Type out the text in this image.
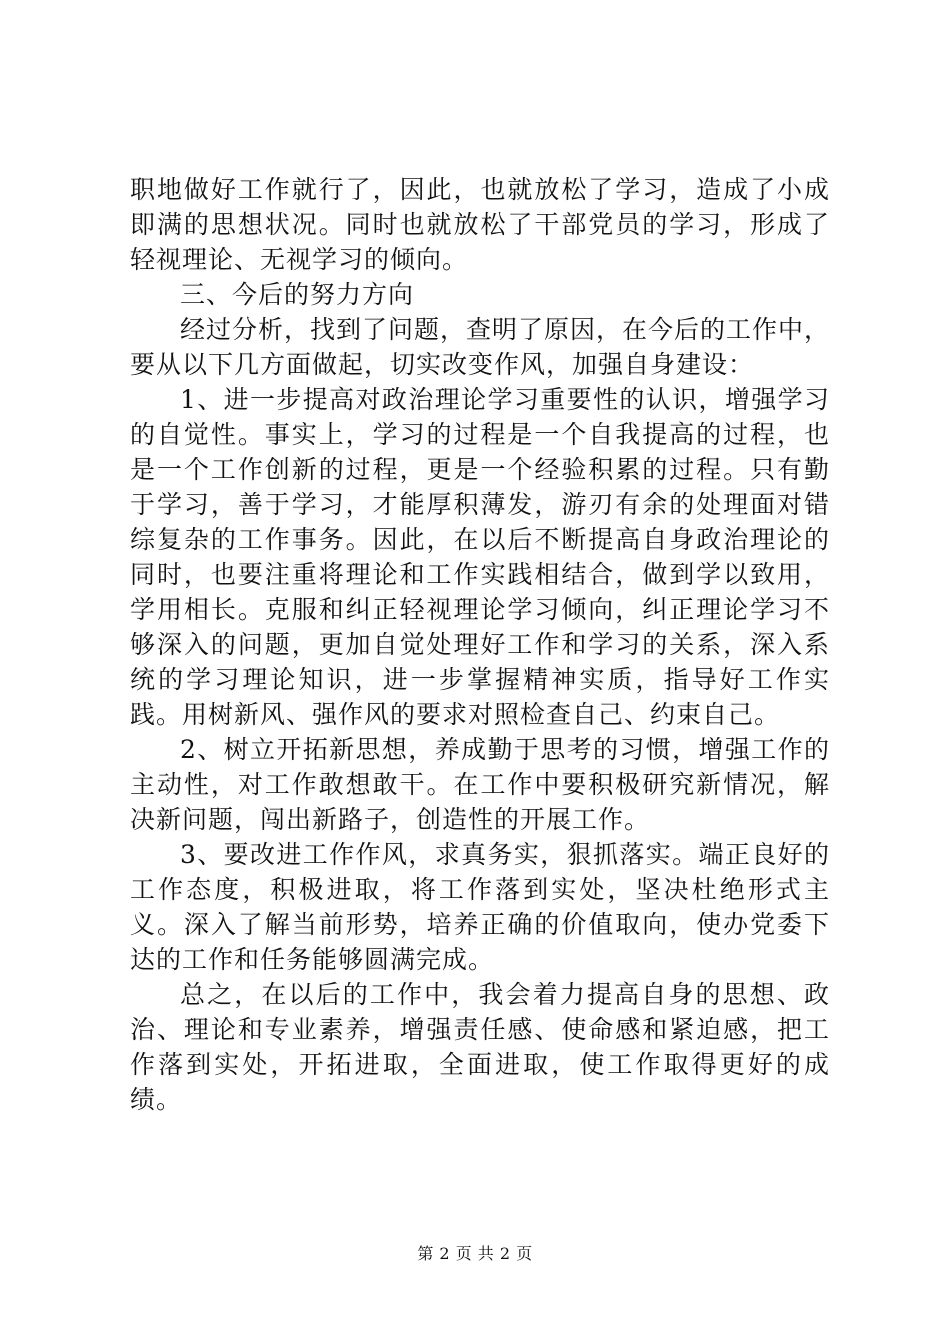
职地做好工作就行了，因此，也就放松了学习，造成了小成即满的思想状况。同时也就放松了干部党员的学习，形成了轻视理论、无视学习的倾向。

三、今后的努力方向

经过分析，找到了问题，查明了原因，在今后的工作中，要从以下几方面做起，切实改变作风，加强自身建设：

1、进一步提高对政治理论学习重要性的认识，增强学习的自觉性。事实上，学习的过程是一个自我提高的过程，也是一个工作创新的过程，更是一个经验积累的过程。只有勤于学习，善于学习，才能厚积薄发，游刃有余的处理面对错综复杂的工作事务。因此，在以后不断提高自身政治理论的同时，也要注重将理论和工作实践相结合，做到学以致用，学用相长。克服和纠正轻视理论学习倾向，纠正理论学习不够深入的问题，更加自觉处理好工作和学习的关系，深入系统的学习理论知识，进一步掌握精神实质，指导好工作实践。用树新风、强作风的要求对照检查自己、约束自己。

2、树立开拓新思想，养成勤于思考的习惯，增强工作的主动性，对工作敢想敢干。在工作中要积极研究新情况，解决新问题，闯出新路子，创造性的开展工作。

3、要改进工作作风，求真务实，狠抓落实。端正良好的工作态度，积极进取，将工作落到实处，坚决杜绝形式主义。深入了解当前形势，培养正确的价值取向，使办党委下达的工作和任务能够圆满完成。

总之，在以后的工作中，我会着力提高自身的思想、政治、理论和专业素养，增强责任感、使命感和紧迫感，把工作落到实处，开拓进取，全面进取，使工作取得更好的成绩。

第 2 页 共 2 页
